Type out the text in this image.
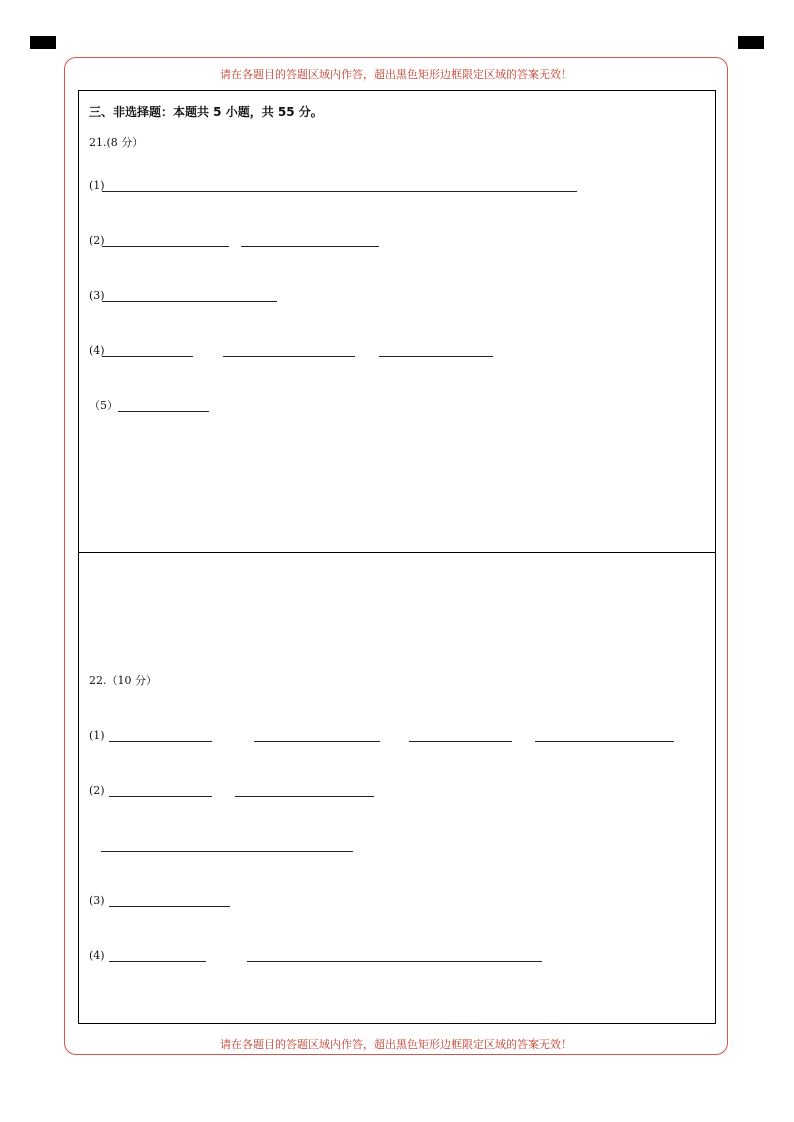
请在各题目的答题区域内作答，超出黑色矩形边框限定区域的答案无效！
请在各题目的答题区域内作答，超出黑色矩形边框限定区域的答案无效！
三、非选择题：本题共 5 小题，共 55 分。
21.(8 分）
(1)
(2)
(3)
(4)
（5）
22.（10 分）
(1)
(2)
(3)
(4)
